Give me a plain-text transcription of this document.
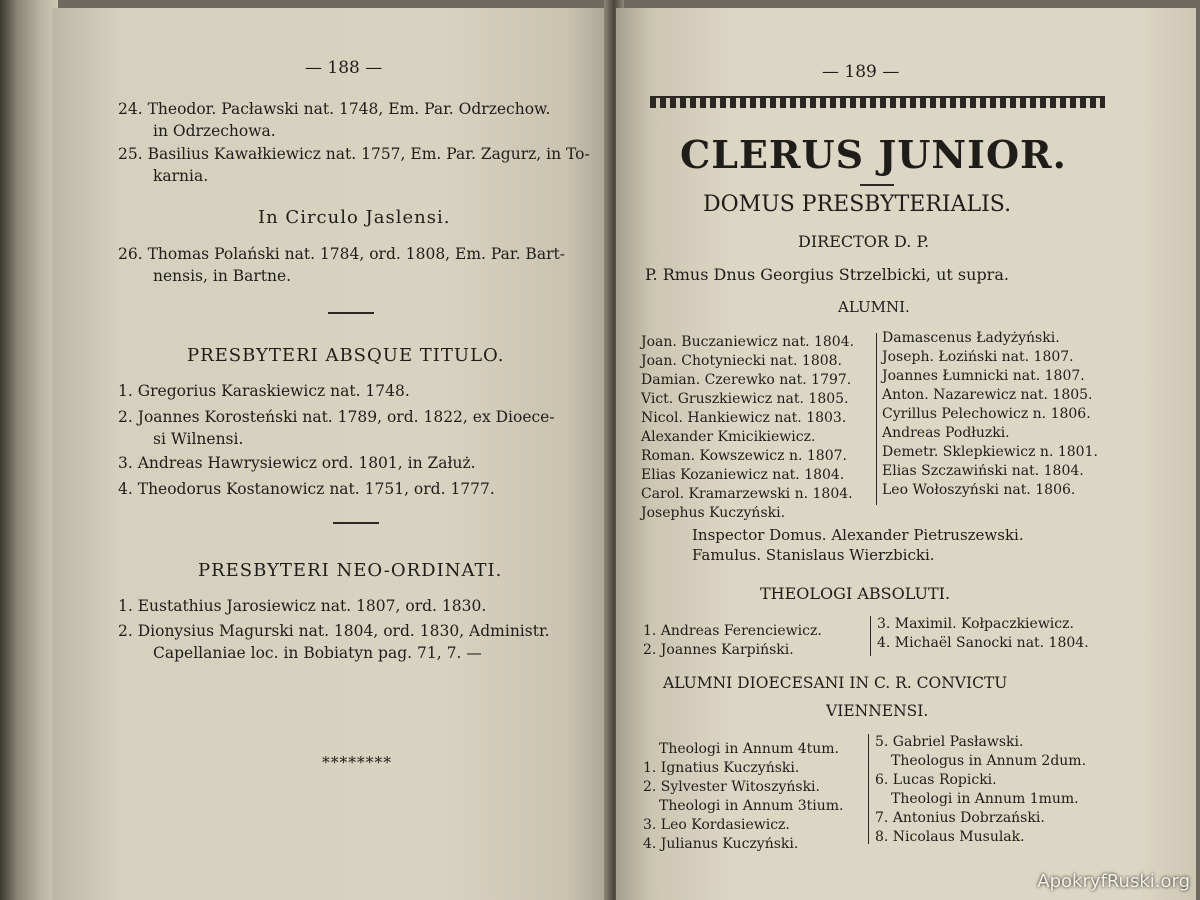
— 188 —
24. Theodor. Pacławski nat. 1748, Em. Par. Odrzechow.
in Odrzechowa.
25. Basilius Kawałkiewicz nat. 1757, Em. Par. Zagurz, in To-
karnia.
In Circulo Jaslensi.
26. Thomas Polański nat. 1784, ord. 1808, Em. Par. Bart-
nensis, in Bartne.
PRESBYTERI ABSQUE TITULO.
1. Gregorius Karaskiewicz nat. 1748.
2. Joannes Korosteński nat. 1789, ord. 1822, ex Dioece-
si Wilnensi.
3. Andreas Hawrysiewicz ord. 1801, in Załuż.
4. Theodorus Kostanowicz nat. 1751, ord. 1777.
PRESBYTERI NEO-ORDINATI.
1. Eustathius Jarosiewicz nat. 1807, ord. 1830.
2. Dionysius Magurski nat. 1804, ord. 1830, Administr.
Capellaniae loc. in Bobiatyn pag. 71, 7. —
********
— 189 —
CLERUS JUNIOR.
DOMUS PRESBYTERIALIS.
DIRECTOR D. P.
P. Rmus Dnus Georgius Strzelbicki, ut supra.
ALUMNI.
Joan. Buczaniewicz nat. 1804.
Joan. Chotyniecki nat. 1808.
Damian. Czerewko nat. 1797.
Vict. Gruszkiewicz nat. 1805.
Nicol. Hankiewicz nat. 1803.
Alexander Kmicikiewicz.
Roman. Kowszewicz n. 1807.
Elias Kozaniewicz nat. 1804.
Carol. Kramarzewski n. 1804.
Josephus Kuczyński.
Damascenus Ładyżyński.
Joseph. Łoziński nat. 1807.
Joannes Łumnicki nat. 1807.
Anton. Nazarewicz nat. 1805.
Cyrillus Pelechowicz n. 1806.
Andreas Podłuzki.
Demetr. Sklepkiewicz n. 1801.
Elias Szczawiński nat. 1804.
Leo Wołoszyński nat. 1806.
Inspector Domus. Alexander Pietruszewski.
Famulus. Stanislaus Wierzbicki.
THEOLOGI ABSOLUTI.
1. Andreas Ferenciewicz.
2. Joannes Karpiński.
3. Maximil. Kołpaczkiewicz.
4. Michaël Sanocki nat. 1804.
ALUMNI DIOECESANI IN C. R. CONVICTU
VIENNENSI.
Theologi in Annum 4tum.
1. Ignatius Kuczyński.
2. Sylvester Witoszyński.
Theologi in Annum 3tium.
3. Leo Kordasiewicz.
4. Julianus Kuczyński.
5. Gabriel Pasławski.
Theologus in Annum 2dum.
6. Lucas Ropicki.
Theologi in Annum 1mum.
7. Antonius Dobrzański.
8. Nicolaus Musulak.
ApokryfRuski.org
